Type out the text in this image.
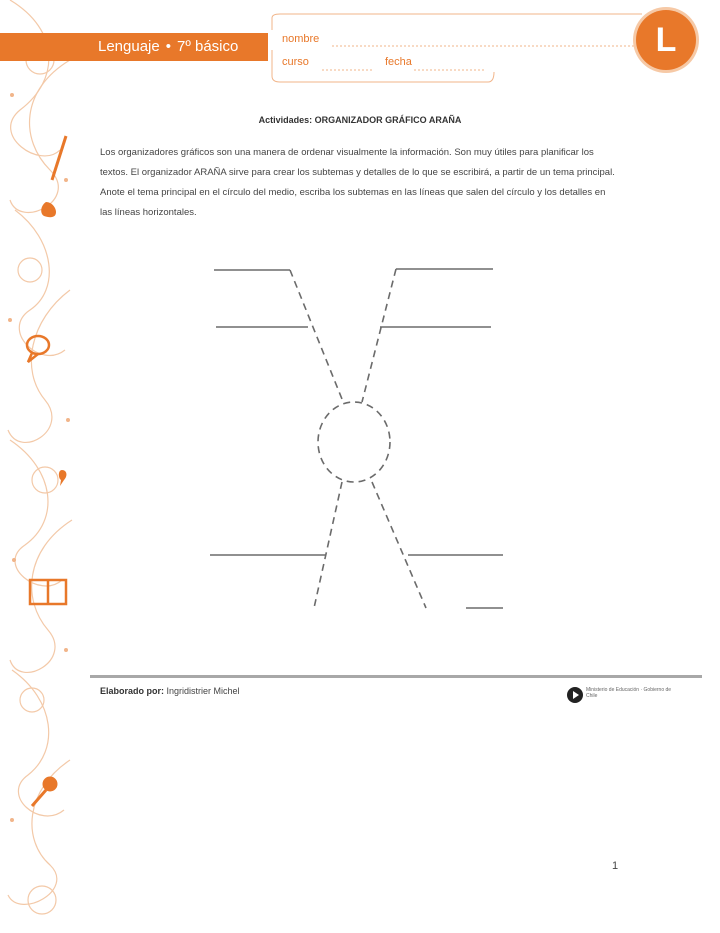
Lenguaje • 7º básico	nombre
curso	fecha
L
Actividades: ORGANIZADOR GRÁFICO ARAÑA
Los organizadores gráficos son una manera de ordenar visualmente la información. Son muy útiles para planificar los textos. El organizador ARAÑA sirve para crear los subtemas y detalles de lo que se escribirá, a partir de un tema principal. Anote el tema principal en el círculo del medio, escriba los subtemas en las líneas que salen del círculo y los detalles en las líneas horizontales.
Elaborado por: Ingridistrier Michel	Ministerio de Educación · Gobierno de Chile
1
